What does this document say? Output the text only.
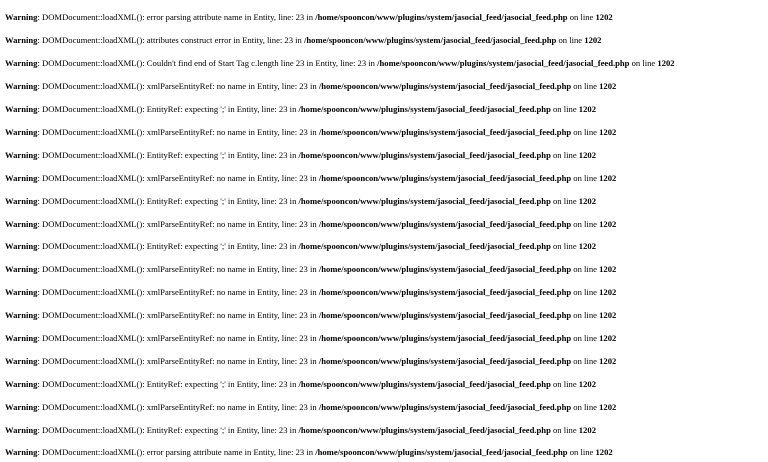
Warning: DOMDocument::loadXML(): error parsing attribute name in Entity, line: 23 in /home/spooncon/www/plugins/system/jasocial_feed/jasocial_feed.php on line 1202
Warning: DOMDocument::loadXML(): attributes construct error in Entity, line: 23 in /home/spooncon/www/plugins/system/jasocial_feed/jasocial_feed.php on line 1202
Warning: DOMDocument::loadXML(): Couldn't find end of Start Tag c.length line 23 in Entity, line: 23 in /home/spooncon/www/plugins/system/jasocial_feed/jasocial_feed.php on line 1202
Warning: DOMDocument::loadXML(): xmlParseEntityRef: no name in Entity, line: 23 in /home/spooncon/www/plugins/system/jasocial_feed/jasocial_feed.php on line 1202
Warning: DOMDocument::loadXML(): EntityRef: expecting ';' in Entity, line: 23 in /home/spooncon/www/plugins/system/jasocial_feed/jasocial_feed.php on line 1202
Warning: DOMDocument::loadXML(): xmlParseEntityRef: no name in Entity, line: 23 in /home/spooncon/www/plugins/system/jasocial_feed/jasocial_feed.php on line 1202
Warning: DOMDocument::loadXML(): EntityRef: expecting ';' in Entity, line: 23 in /home/spooncon/www/plugins/system/jasocial_feed/jasocial_feed.php on line 1202
Warning: DOMDocument::loadXML(): xmlParseEntityRef: no name in Entity, line: 23 in /home/spooncon/www/plugins/system/jasocial_feed/jasocial_feed.php on line 1202
Warning: DOMDocument::loadXML(): EntityRef: expecting ';' in Entity, line: 23 in /home/spooncon/www/plugins/system/jasocial_feed/jasocial_feed.php on line 1202
Warning: DOMDocument::loadXML(): xmlParseEntityRef: no name in Entity, line: 23 in /home/spooncon/www/plugins/system/jasocial_feed/jasocial_feed.php on line 1202
Warning: DOMDocument::loadXML(): EntityRef: expecting ';' in Entity, line: 23 in /home/spooncon/www/plugins/system/jasocial_feed/jasocial_feed.php on line 1202
Warning: DOMDocument::loadXML(): xmlParseEntityRef: no name in Entity, line: 23 in /home/spooncon/www/plugins/system/jasocial_feed/jasocial_feed.php on line 1202
Warning: DOMDocument::loadXML(): xmlParseEntityRef: no name in Entity, line: 23 in /home/spooncon/www/plugins/system/jasocial_feed/jasocial_feed.php on line 1202
Warning: DOMDocument::loadXML(): xmlParseEntityRef: no name in Entity, line: 23 in /home/spooncon/www/plugins/system/jasocial_feed/jasocial_feed.php on line 1202
Warning: DOMDocument::loadXML(): xmlParseEntityRef: no name in Entity, line: 23 in /home/spooncon/www/plugins/system/jasocial_feed/jasocial_feed.php on line 1202
Warning: DOMDocument::loadXML(): xmlParseEntityRef: no name in Entity, line: 23 in /home/spooncon/www/plugins/system/jasocial_feed/jasocial_feed.php on line 1202
Warning: DOMDocument::loadXML(): EntityRef: expecting ';' in Entity, line: 23 in /home/spooncon/www/plugins/system/jasocial_feed/jasocial_feed.php on line 1202
Warning: DOMDocument::loadXML(): xmlParseEntityRef: no name in Entity, line: 23 in /home/spooncon/www/plugins/system/jasocial_feed/jasocial_feed.php on line 1202
Warning: DOMDocument::loadXML(): EntityRef: expecting ';' in Entity, line: 23 in /home/spooncon/www/plugins/system/jasocial_feed/jasocial_feed.php on line 1202
Warning: DOMDocument::loadXML(): error parsing attribute name in Entity, line: 23 in /home/spooncon/www/plugins/system/jasocial_feed/jasocial_feed.php on line 1202
